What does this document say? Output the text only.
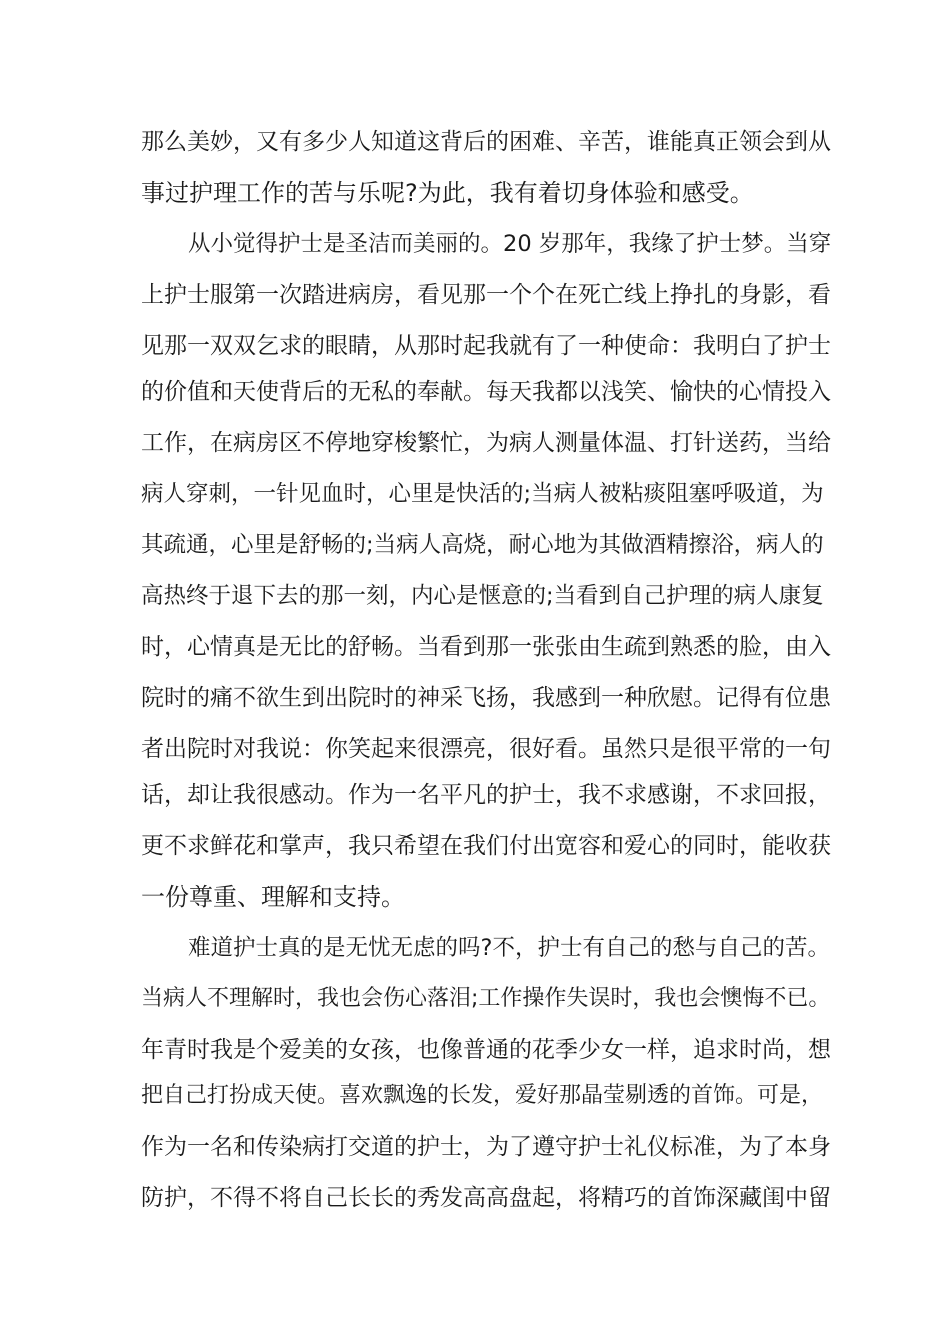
那么美妙，又有多少人知道这背后的困难、辛苦，谁能真正领会到从
事过护理工作的苦与乐呢?为此，我有着切身体验和感受。
从小觉得护士是圣洁而美丽的。20 岁那年，我缘了护士梦。当穿
上护士服第一次踏进病房，看见那一个个在死亡线上挣扎的身影，看
见那一双双乞求的眼睛，从那时起我就有了一种使命：我明白了护士
的价值和天使背后的无私的奉献。每天我都以浅笑、愉快的心情投入
工作，在病房区不停地穿梭繁忙，为病人测量体温、打针送药，当给
病人穿刺，一针见血时，心里是快活的;当病人被粘痰阻塞呼吸道，为
其疏通，心里是舒畅的;当病人高烧，耐心地为其做酒精擦浴，病人的
高热终于退下去的那一刻，内心是惬意的;当看到自己护理的病人康复
时，心情真是无比的舒畅。当看到那一张张由生疏到熟悉的脸，由入
院时的痛不欲生到出院时的神采飞扬，我感到一种欣慰。记得有位患
者出院时对我说：你笑起来很漂亮，很好看。虽然只是很平常的一句
话，却让我很感动。作为一名平凡的护士，我不求感谢，不求回报，
更不求鲜花和掌声，我只希望在我们付出宽容和爱心的同时，能收获
一份尊重、理解和支持。
难道护士真的是无忧无虑的吗?不，护士有自己的愁与自己的苦。
当病人不理解时，我也会伤心落泪;工作操作失误时，我也会懊悔不已。
年青时我是个爱美的女孩，也像普通的花季少女一样，追求时尚，想
把自己打扮成天使。喜欢飘逸的长发，爱好那晶莹剔透的首饰。可是，
作为一名和传染病打交道的护士，为了遵守护士礼仪标准，为了本身
防护，不得不将自己长长的秀发高高盘起，将精巧的首饰深藏闺中留
